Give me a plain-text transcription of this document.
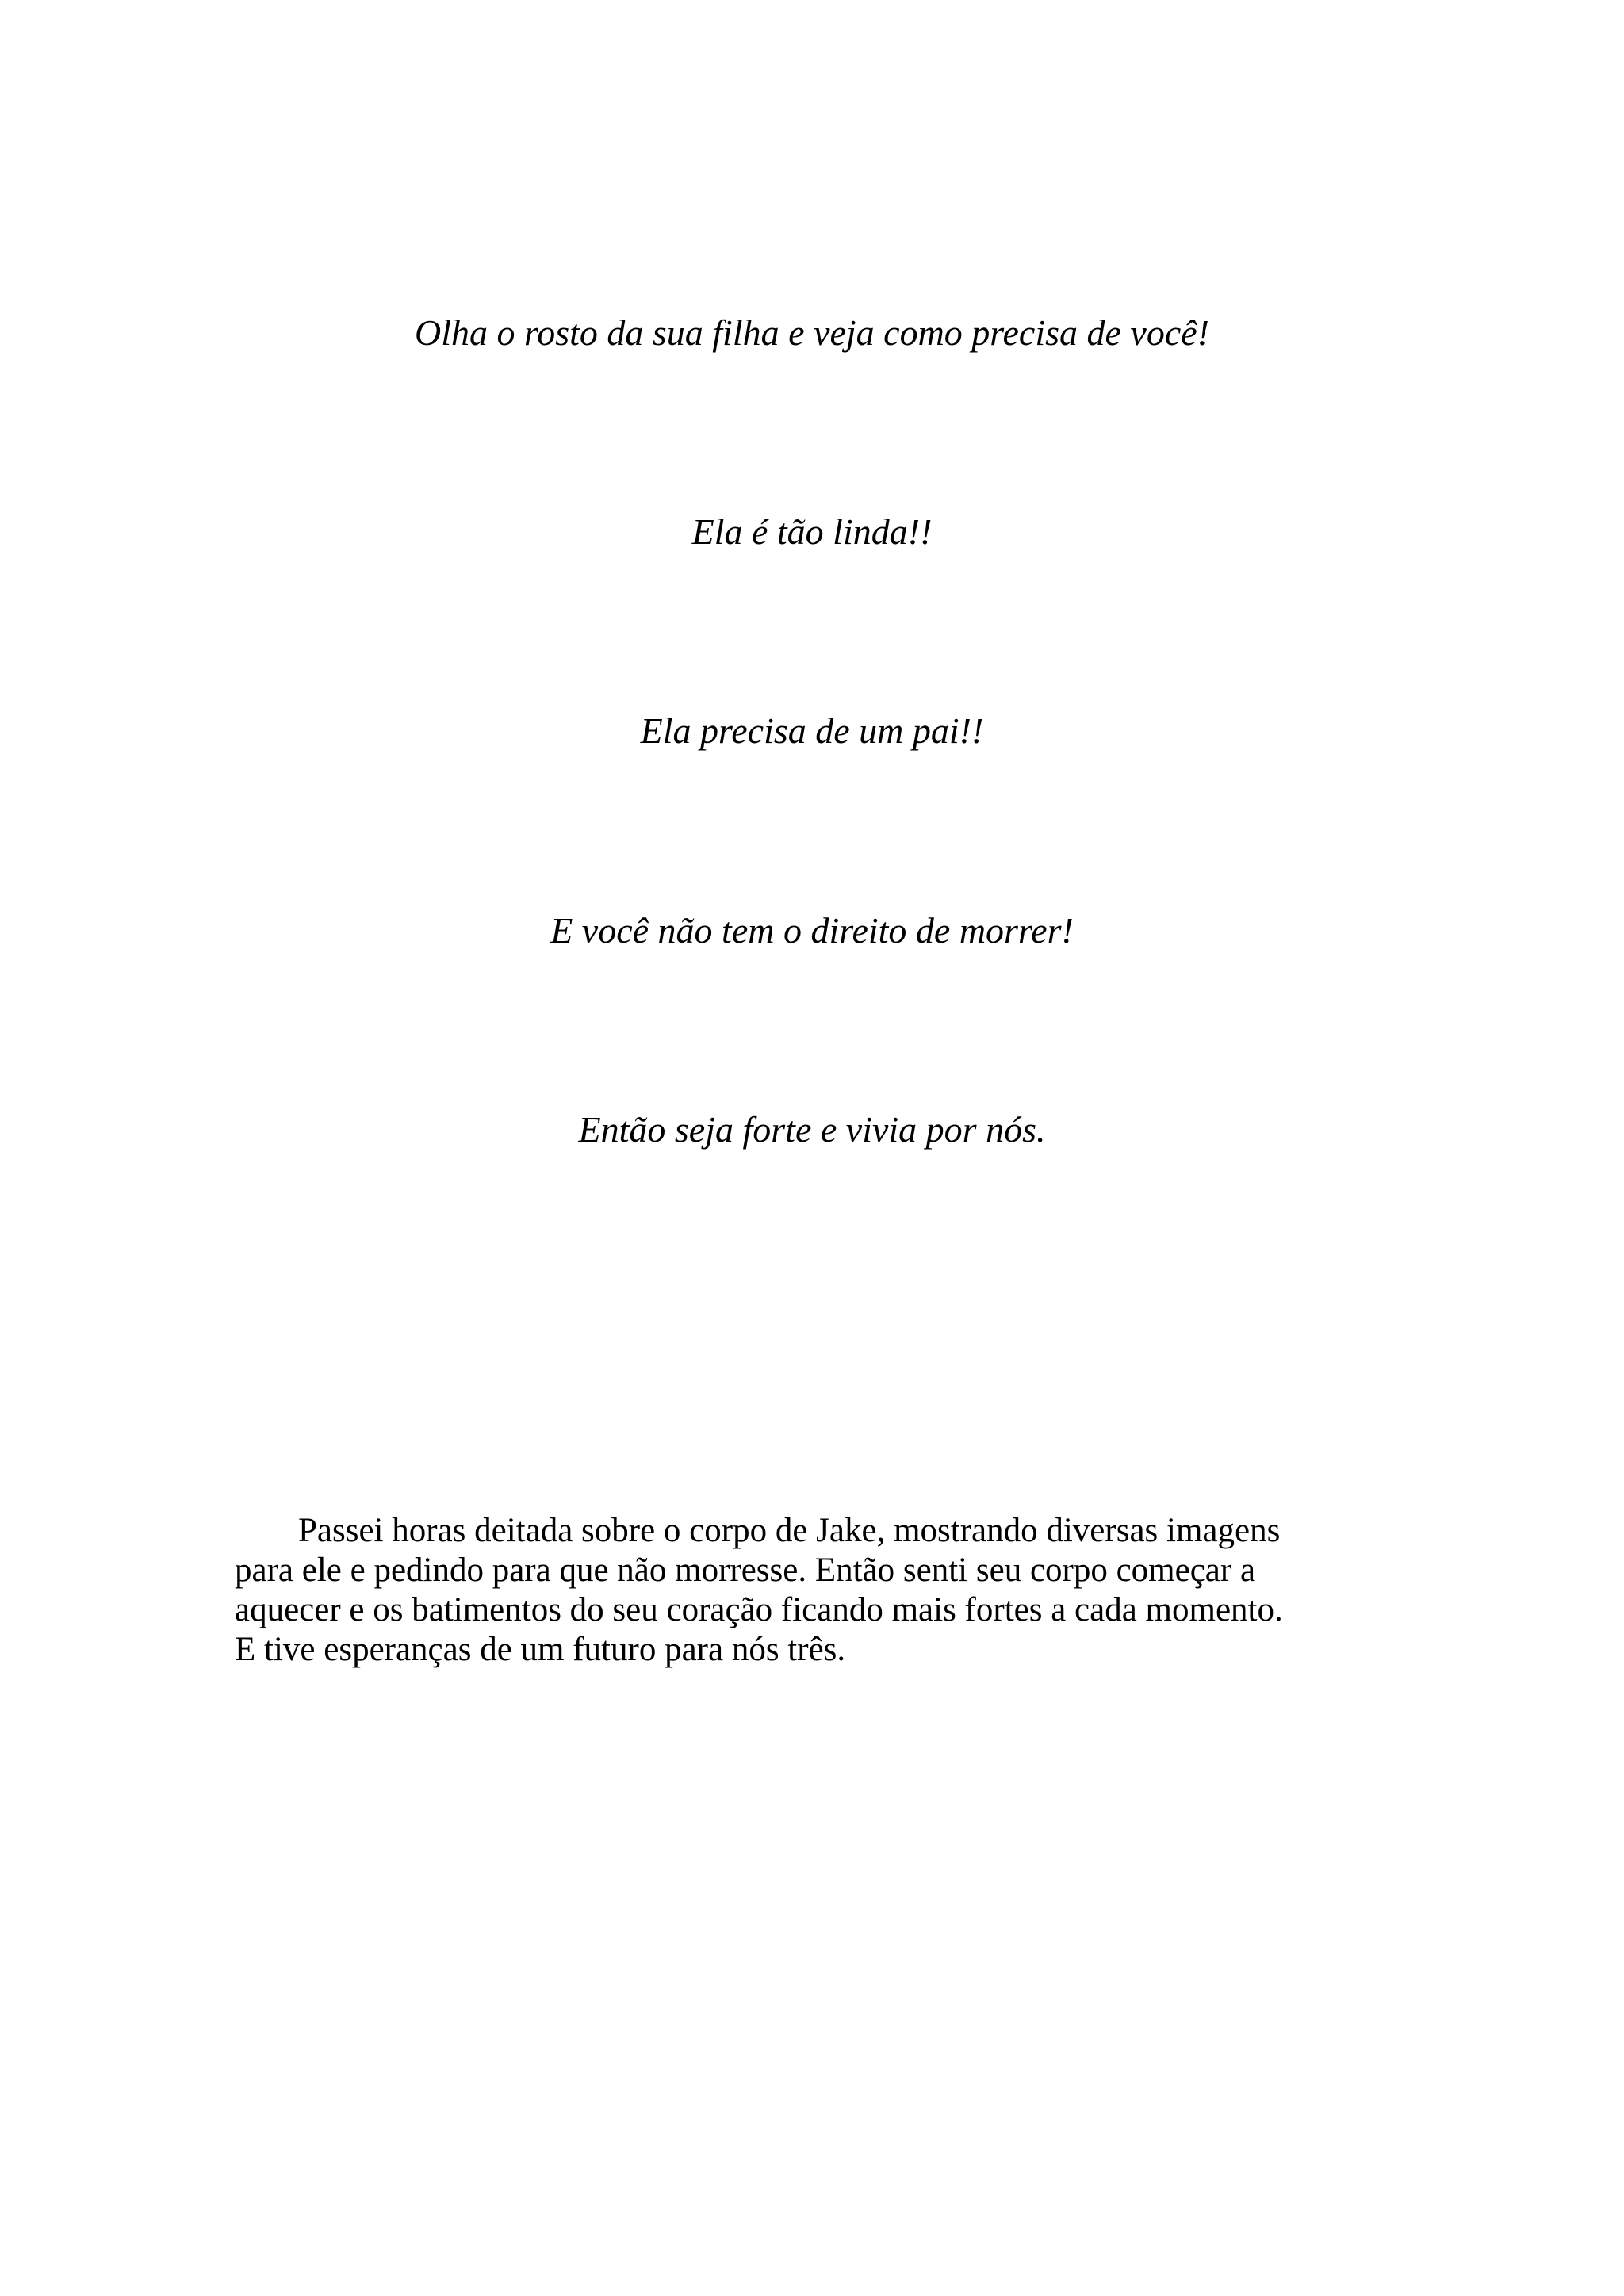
Olha o rosto da sua filha e veja como precisa de você!

Ela é tão linda!!

Ela precisa de um pai!!

E você não tem o direito de morrer!

Então seja forte e vivia por nós.

Passei horas deitada sobre o corpo de Jake, mostrando diversas imagens
para ele e pedindo para que não morresse. Então senti seu corpo começar a
aquecer e os batimentos do seu coração ficando mais fortes a cada momento.
E tive esperanças de um futuro para nós três.
